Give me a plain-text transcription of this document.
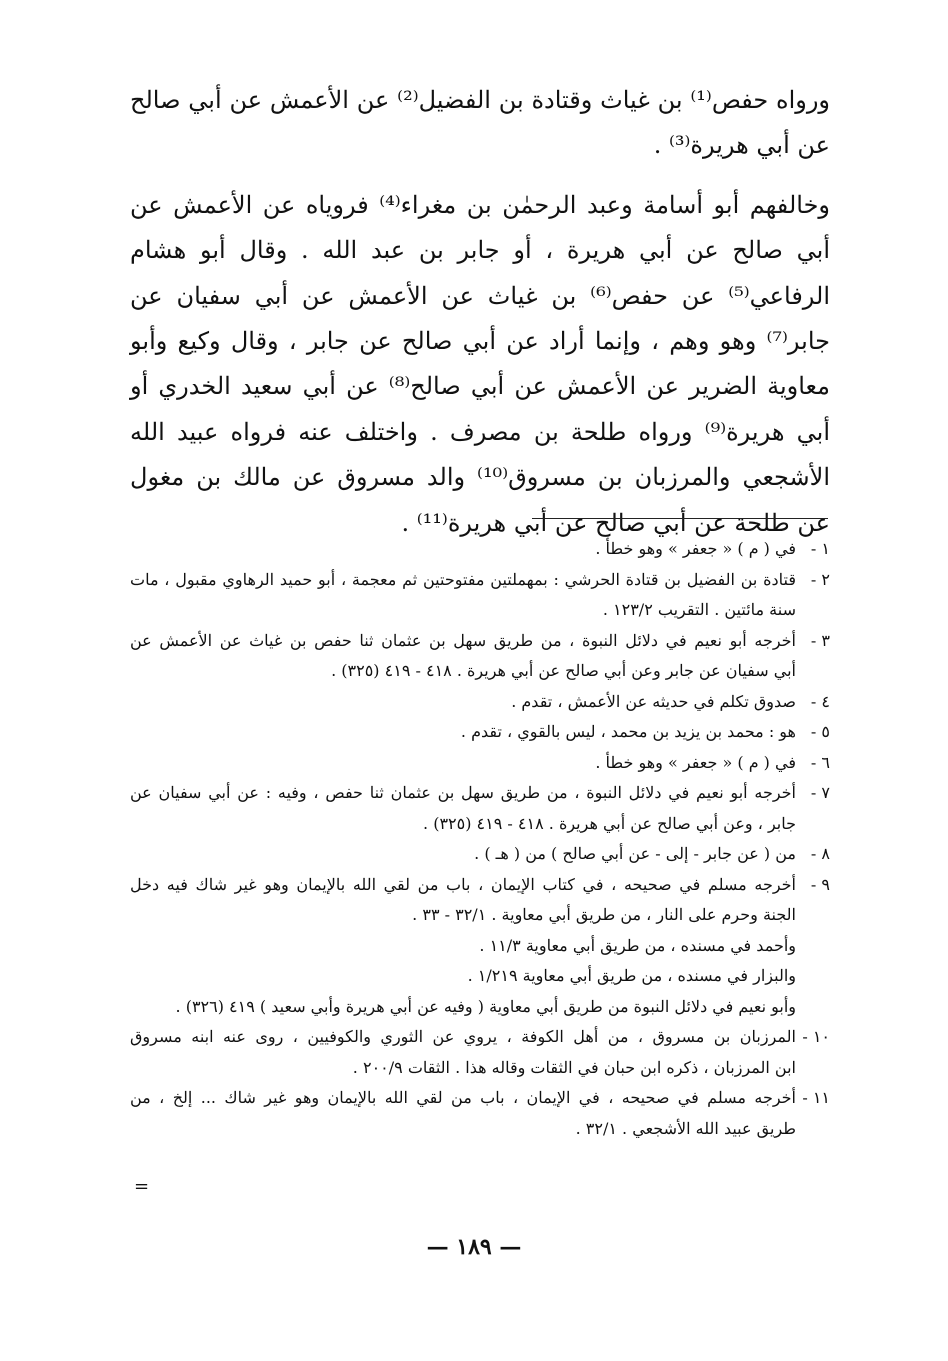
ورواه حفص⁽¹⁾ بن غياث وقتادة بن الفضيل⁽²⁾ عن الأعمش عن أبي صالح عن أبي هريرة⁽³⁾ .

وخالفهم أبو أسامة وعبد الرحمٰن بن مغراء⁽⁴⁾ فروياه عن الأعمش عن أبي صالح عن أبي هريرة ، أو جابر بن عبد الله . وقال أبو هشام الرفاعي⁽⁵⁾ عن حفص⁽⁶⁾ بن غياث عن الأعمش عن أبي سفيان عن جابر⁽⁷⁾ وهو وهم ، وإنما أراد عن أبي صالح عن جابر ، وقال وكيع وأبو معاوية الضرير عن الأعمش عن أبي صالح⁽⁸⁾ عن أبي سعيد الخدري أو أبي هريرة⁽⁹⁾ ورواه طلحة بن مصرف . واختلف عنه فرواه عبيد الله الأشجعي والمرزبان بن مسروق⁽¹⁰⁾ والد مسروق عن مالك بن مغول عن طلحة عن أبي صالح عن أبي هريرة⁽¹¹⁾ .

١ -
في ( م ) « جعفر » وهو خطأ .
٢ -
قتادة بن الفضيل بن قتادة الحرشي : بمهملتين مفتوحتين ثم معجمة ، أبو حميد الرهاوي مقبول ، مات
سنة مائتين . التقريب ١٢٣/٢ .
٣ -
أخرجه أبو نعيم في دلائل النبوة ، من طريق سهل بن عثمان ثنا حفص بن غياث عن الأعمش عن
أبي سفيان عن جابر وعن أبي صالح عن أبي هريرة . ٤١٨ - ٤١٩ (٣٢٥) .
٤ -
صدوق تكلم في حديثه عن الأعمش ، تقدم .
٥ -
هو : محمد بن يزيد بن محمد ، ليس بالقوي ، تقدم .
٦ -
في ( م ) « جعفر » وهو خطأ .
٧ -
أخرجه أبو نعيم في دلائل النبوة ، من طريق سهل بن عثمان ثنا حفص ، وفيه : عن أبي سفيان عن
جابر ، وعن أبي صالح عن أبي هريرة . ٤١٨ - ٤١٩ (٣٢٥) .
٨ -
من ( عن جابر - إلى - عن أبي صالح ) من ( هـ ) .
٩ -
أخرجه مسلم في صحيحه ، في كتاب الإيمان ، باب من لقي الله بالإيمان وهو غير شاك فيه دخل
الجنة وحرم على النار ، من طريق أبي معاوية . ٣٢/١ - ٣٣ .
وأحمد في مسنده ، من طريق أبي معاوية ١١/٣ .
والبزار في مسنده ، من طريق أبي معاوية ١/٢١٩ .
وأبو نعيم في دلائل النبوة من طريق أبي معاوية ( وفيه عن أبي هريرة وأبي سعيد ) ٤١٩ (٣٢٦) .
١٠ -
المرزبان بن مسروق ، من أهل الكوفة ، يروي عن الثوري والكوفيين ، روى عنه ابنه مسروق
ابن المرزبان ، ذكره ابن حبان في الثقات وقاله هذا . الثقات ٢٠٠/٩ .
١١ -
أخرجه مسلم في صحيحه ، في الإيمان ، باب من لقي الله بالإيمان وهو غير شاك ... إلخ ، من
طريق عبيد الله الأشجعي . ٣٢/١ .
=
— ١٨٩ —
